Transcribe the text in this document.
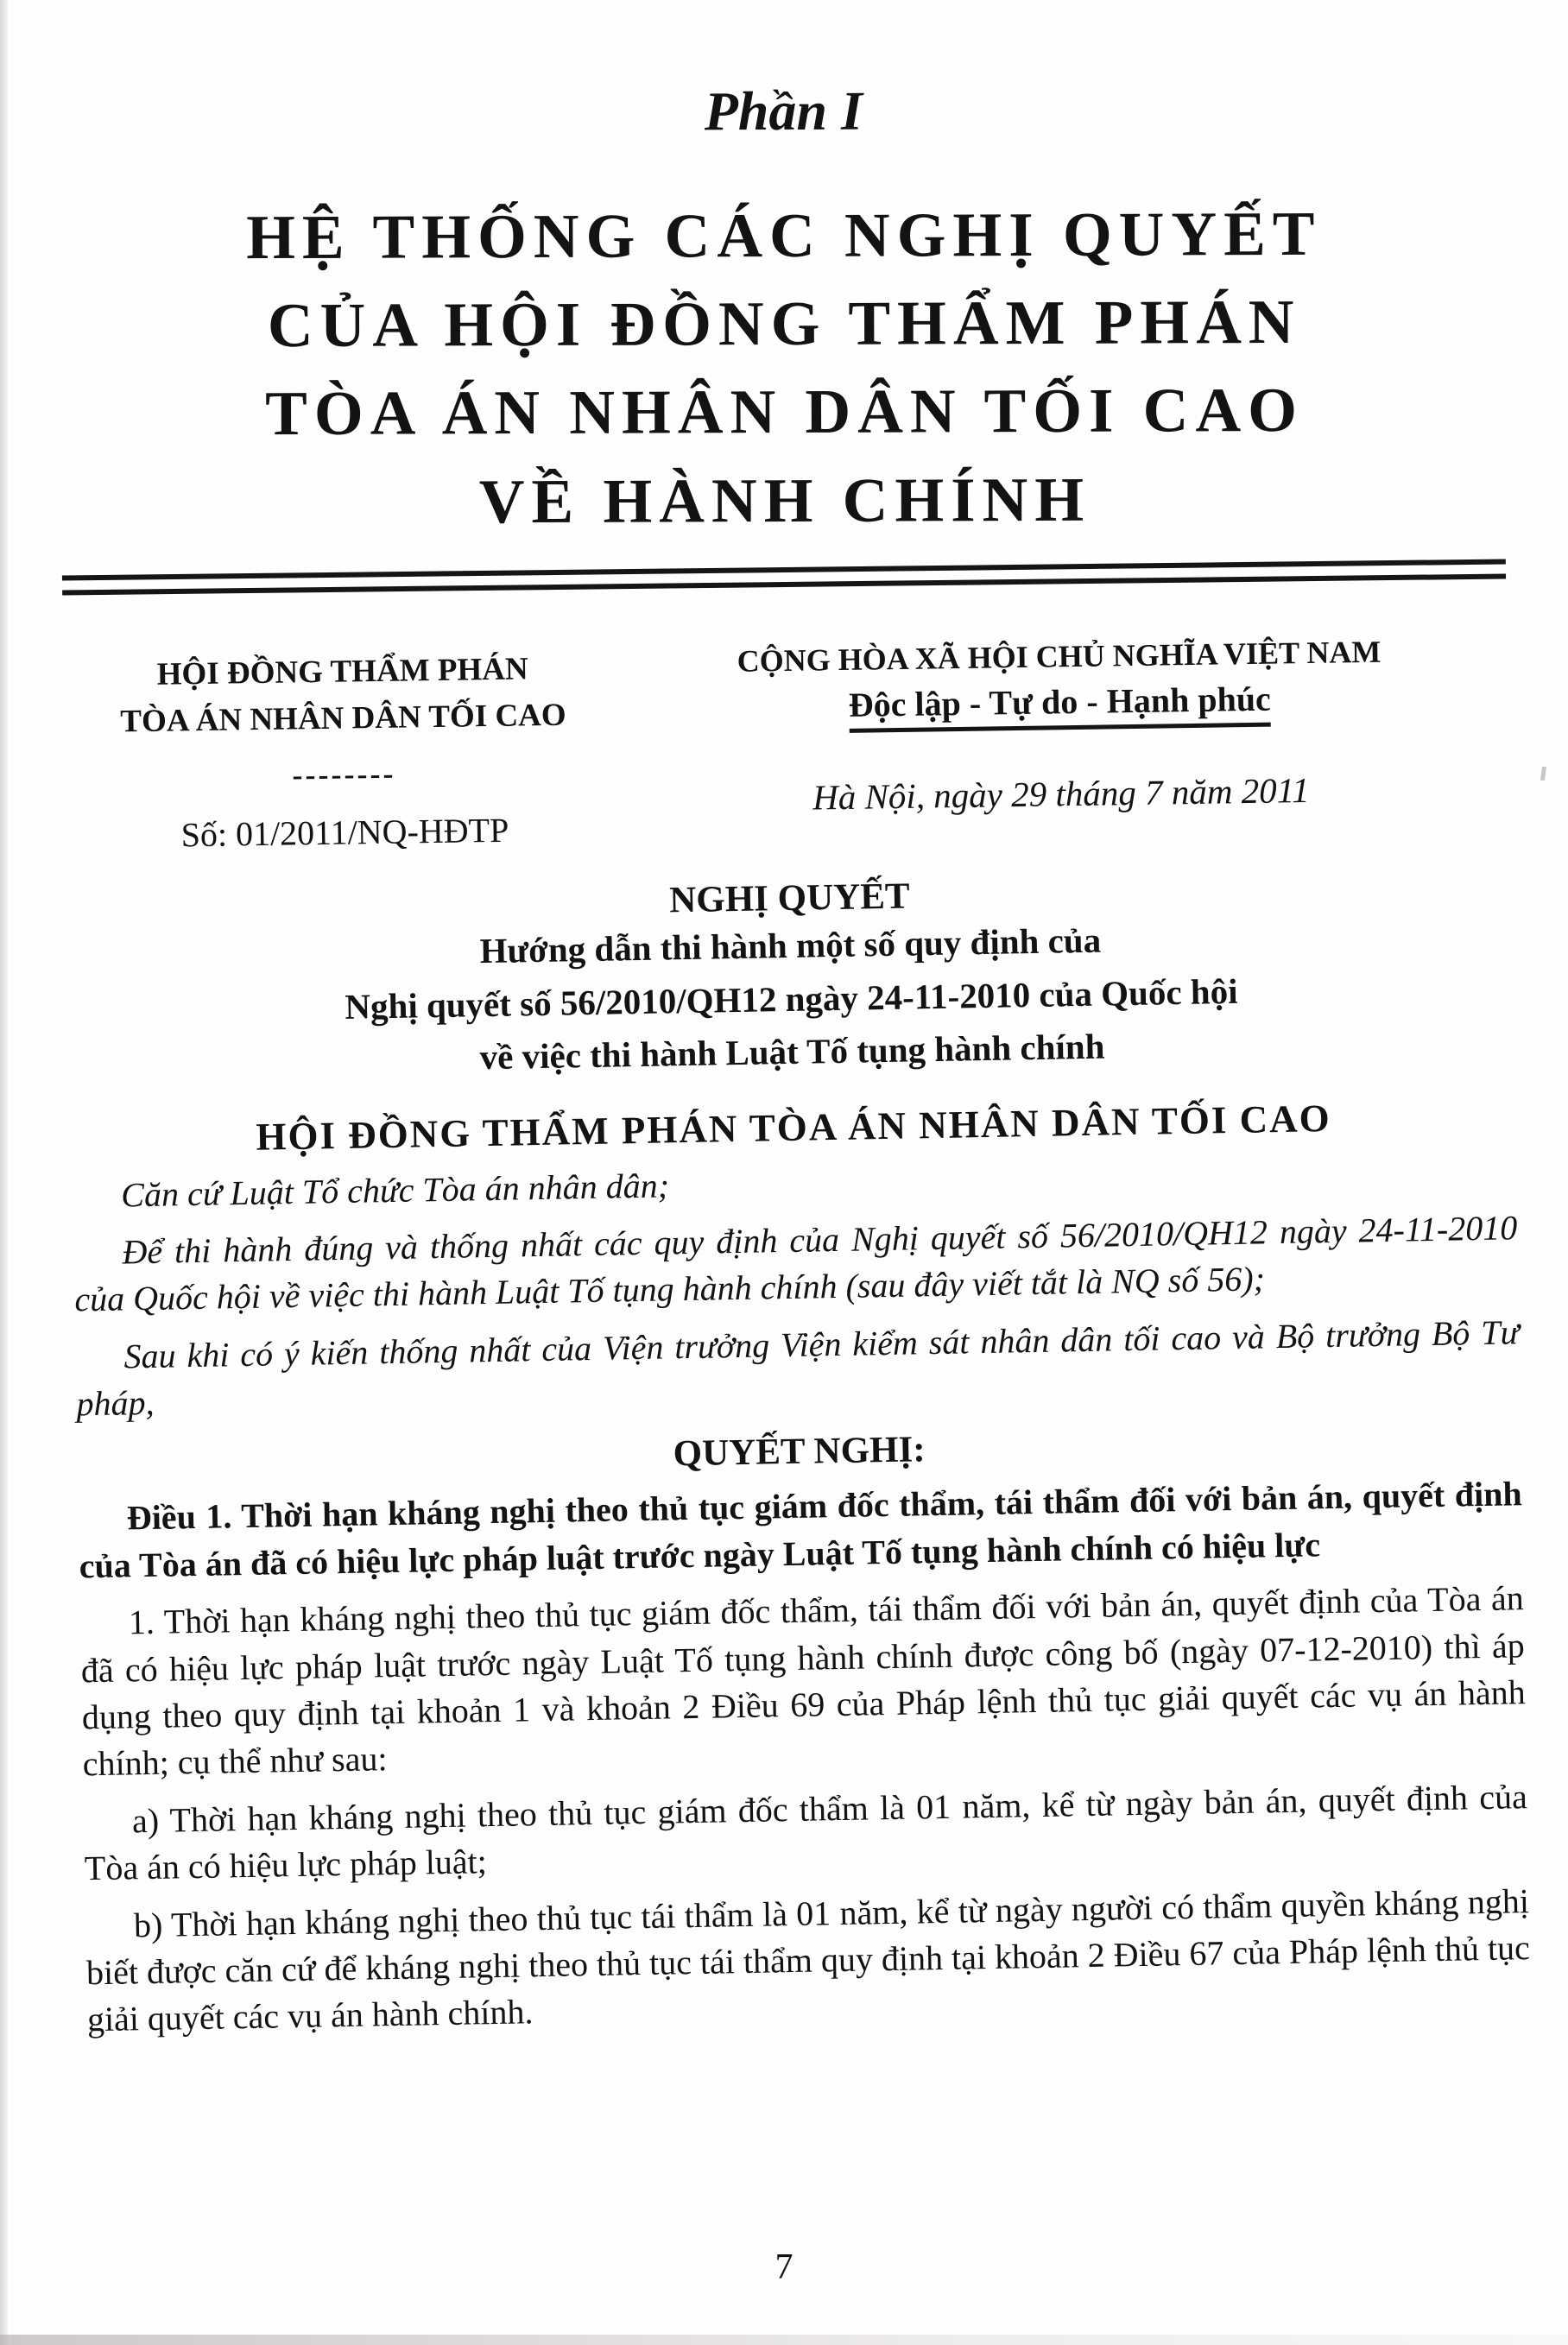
Phần I
HỆ THỐNG CÁC NGHỊ QUYẾT
CỦA HỘI ĐỒNG THẨM PHÁN
TÒA ÁN NHÂN DÂN TỐI CAO
VỀ HÀNH CHÍNH
HỘI ĐỒNG THẨM PHÁN
TÒA ÁN NHÂN DÂN TỐI CAO
--------
Số: 01/2011/NQ-HĐTP
CỘNG HÒA XÃ HỘI CHỦ NGHĨA VIỆT NAM
Độc lập - Tự do - Hạnh phúc
Hà Nội, ngày 29 tháng 7 năm 2011
NGHỊ QUYẾT
Hướng dẫn thi hành một số quy định của
Nghị quyết số 56/2010/QH12 ngày 24-11-2010 của Quốc hội
về việc thi hành Luật Tố tụng hành chính
HỘI ĐỒNG THẨM PHÁN TÒA ÁN NHÂN DÂN TỐI CAO

Căn cứ Luật Tổ chức Tòa án nhân dân;

Để thi hành đúng và thống nhất các quy định của Nghị quyết số 56/2010/QH12 ngày 24-11-2010 của Quốc hội về việc thi hành Luật Tố tụng hành chính (sau đây viết tắt là NQ số 56);

Sau khi có ý kiến thống nhất của Viện trưởng Viện kiểm sát nhân dân tối cao và Bộ trưởng Bộ Tư pháp,

QUYẾT NGHỊ:

Điều 1. Thời hạn kháng nghị theo thủ tục giám đốc thẩm, tái thẩm đối với bản án, quyết định của Tòa án đã có hiệu lực pháp luật trước ngày Luật Tố tụng hành chính có hiệu lực

1. Thời hạn kháng nghị theo thủ tục giám đốc thẩm, tái thẩm đối với bản án, quyết định của Tòa án đã có hiệu lực pháp luật trước ngày Luật Tố tụng hành chính được công bố (ngày 07-12-2010) thì áp dụng theo quy định tại khoản 1 và khoản 2 Điều 69 của Pháp lệnh thủ tục giải quyết các vụ án hành chính; cụ thể như sau:

a) Thời hạn kháng nghị theo thủ tục giám đốc thẩm là 01 năm, kể từ ngày bản án, quyết định của Tòa án có hiệu lực pháp luật;

b) Thời hạn kháng nghị theo thủ tục tái thẩm là 01 năm, kể từ ngày người có thẩm quyền kháng nghị biết được căn cứ để kháng nghị theo thủ tục tái thẩm quy định tại khoản 2 Điều 67 của Pháp lệnh thủ tục giải quyết các vụ án hành chính.

7
